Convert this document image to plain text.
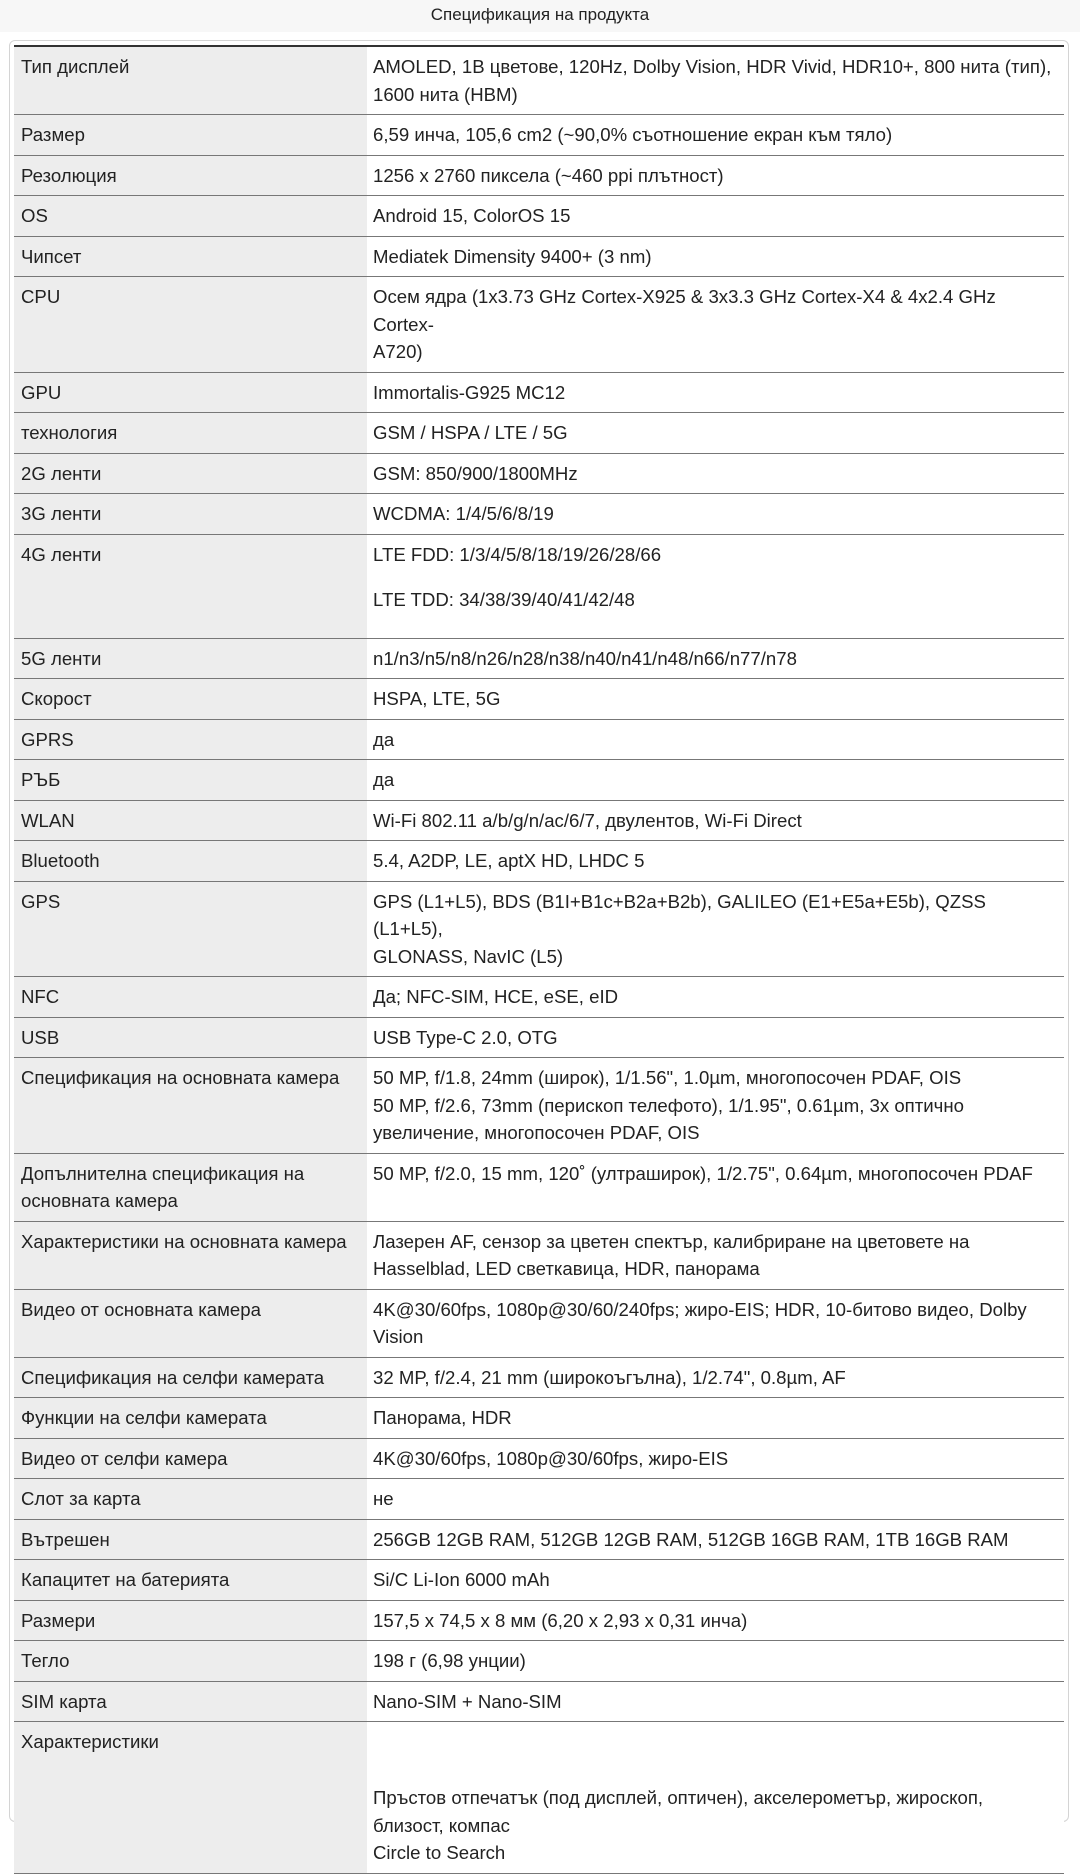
Спецификация на продукта
Тип дисплей	AMOLED, 1B цветове, 120Hz, Dolby Vision, HDR Vivid, HDR10+, 800 нита (тип),
1600 нита (HBM)

Размер	6,59 инча, 105,6 cm2 (~90,0% съотношение екран към тяло)

Резолюция	1256 x 2760 пиксела (~460 ppi плътност)

OS	Android 15, ColorOS 15

Чипсет	Mediatek Dimensity 9400+ (3 nm)

CPU	Осем ядра (1x3.73 GHz Cortex-X925 & 3x3.3 GHz Cortex-X4 & 4x2.4 GHz Cortex-
A720)

GPU	Immortalis-G925 MC12

технология	GSM / HSPA / LTE / 5G

2G ленти	GSM: 850/900/1800MHz

3G ленти	WCDMA: 1/4/5/6/8/19

4G ленти	LTE FDD: 1/3/4/5/8/18/19/26/28/66
LTE TDD: 34/38/39/40/41/42/48

5G ленти	n1/n3/n5/n8/n26/n28/n38/n40/n41/n48/n66/n77/n78

Скорост	HSPA, LTE, 5G

GPRS	да

РЪБ	да

WLAN	Wi-Fi 802.11 a/b/g/n/ac/6/7, двулентов, Wi-Fi Direct

Bluetooth	5.4, A2DP, LE, aptX HD, LHDC 5

GPS	GPS (L1+L5), BDS (B1I+B1c+B2a+B2b), GALILEO (E1+E5a+E5b), QZSS (L1+L5),
GLONASS, NavIC (L5)

NFC	Да; NFC-SIM, HCE, eSE, eID

USB	USB Type-C 2.0, OTG

Спецификация на основната камера	50 MP, f/1.8, 24mm (широк), 1/1.56", 1.0µm, многопосочен PDAF, OIS
50 MP, f/2.6, 73mm (перископ телефото), 1/1.95", 0.61µm, 3x оптично
увеличение, многопосочен PDAF, OIS

Допълнителна спецификация на основната камера	50 MP, f/2.0, 15 mm, 120˚ (ултраширок), 1/2.75", 0.64µm, многопосочен PDAF

Характеристики на основната камера	Лазерен AF, сензор за цветен спектър, калибриране на цветовете на
Hasselblad, LED светкавица, HDR, панорама

Видео от основната камера	4K@30/60fps, 1080p@30/60/240fps; жиро-EIS; HDR, 10-битово видео, Dolby
Vision

Спецификация на селфи камерата	32 MP, f/2.4, 21 mm (широкоъгълна), 1/2.74", 0.8µm, AF

Функции на селфи камерата	Панорама, HDR

Видео от селфи камера	4K@30/60fps, 1080p@30/60fps, жиро-EIS

Слот за карта	не

Вътрешен	256GB 12GB RAM, 512GB 12GB RAM, 512GB 16GB RAM, 1TB 16GB RAM

Капацитет на батерията	Si/C Li-Ion 6000 mAh

Размери	157,5 x 74,5 x 8 мм (6,20 x 2,93 x 0,31 инча)

Тегло	198 г (6,98 унции)

SIM карта	Nano-SIM + Nano-SIM

Характеристики	Пръстов отпечатък (под дисплей, оптичен), акселерометър, жироскоп,
близост, компас
Circle to Search
